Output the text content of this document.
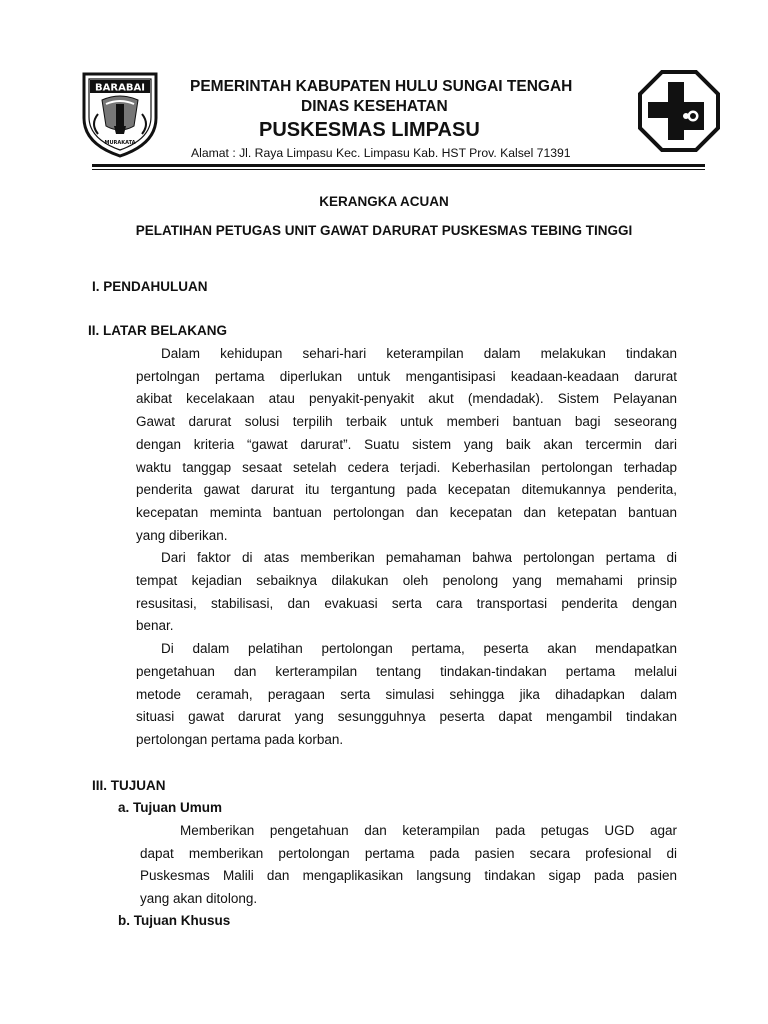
BARABAI
MURAKATA
PEMERINTAH KABUPATEN HULU SUNGAI TENGAH
DINAS KESEHATAN
PUSKESMAS LIMPASU
Alamat : Jl. Raya Limpasu Kec. Limpasu Kab. HST Prov. Kalsel 71391
KERANGKA ACUAN
PELATIHAN PETUGAS UNIT GAWAT DARURAT PUSKESMAS TEBING TINGGI
I. PENDAHULUAN
II. LATAR BELAKANG
Dalam kehidupan sehari-hari keterampilan dalam melakukan tindakan
pertolngan pertama diperlukan untuk mengantisipasi keadaan-keadaan darurat
akibat kecelakaan atau penyakit-penyakit akut (mendadak). Sistem Pelayanan
Gawat darurat solusi terpilih terbaik untuk memberi bantuan bagi seseorang
dengan kriteria “gawat darurat”. Suatu sistem yang baik akan tercermin dari
waktu tanggap sesaat setelah cedera terjadi. Keberhasilan pertolongan terhadap
penderita gawat darurat itu tergantung pada kecepatan ditemukannya penderita,
kecepatan meminta bantuan pertolongan dan kecepatan dan ketepatan bantuan
yang diberikan.
Dari faktor di atas memberikan pemahaman bahwa pertolongan pertama di
tempat kejadian sebaiknya dilakukan oleh penolong yang memahami prinsip
resusitasi, stabilisasi, dan evakuasi serta cara transportasi penderita dengan
benar.
Di dalam pelatihan pertolongan pertama, peserta akan mendapatkan
pengetahuan dan kerterampilan tentang tindakan-tindakan pertama melalui
metode ceramah, peragaan serta simulasi sehingga jika dihadapkan dalam
situasi gawat darurat yang sesungguhnya peserta dapat mengambil tindakan
pertolongan pertama pada korban.
III. TUJUAN
a. Tujuan Umum
Memberikan pengetahuan dan keterampilan pada petugas UGD agar
dapat memberikan pertolongan pertama pada pasien secara profesional di
Puskesmas Malili dan mengaplikasikan langsung tindakan sigap pada pasien
yang akan ditolong.
b. Tujuan Khusus
